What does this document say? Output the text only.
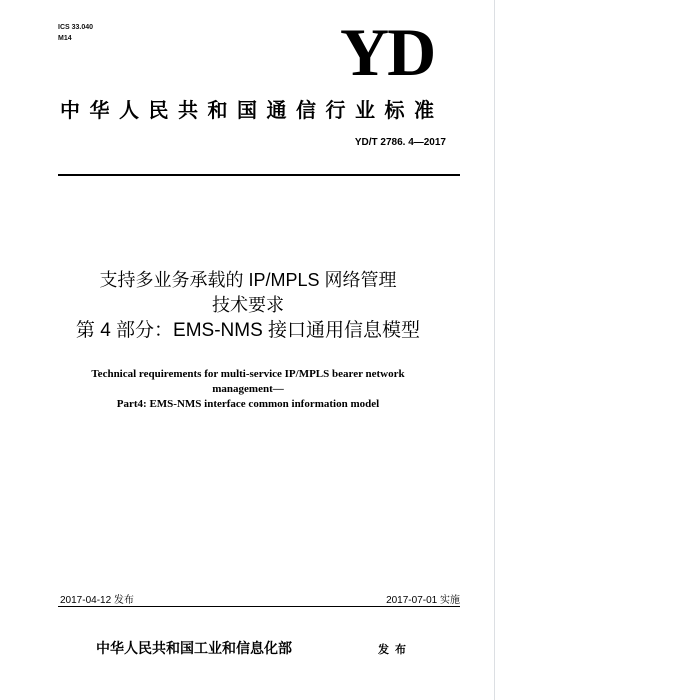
ICS 33.040
M14	YD
中华人民共和国通信行业标准
YD/T 2786. 4—2017
支持多业务承载的 IP/MPLS 网络管理
技术要求
第 4 部分：EMS-NMS 接口通用信息模型
Technical requirements for multi-service IP/MPLS bearer network
management—
Part4: EMS-NMS interface common information model
2017-04-12 发布	2017-07-01 实施
中华人民共和国工业和信息化部	发布
